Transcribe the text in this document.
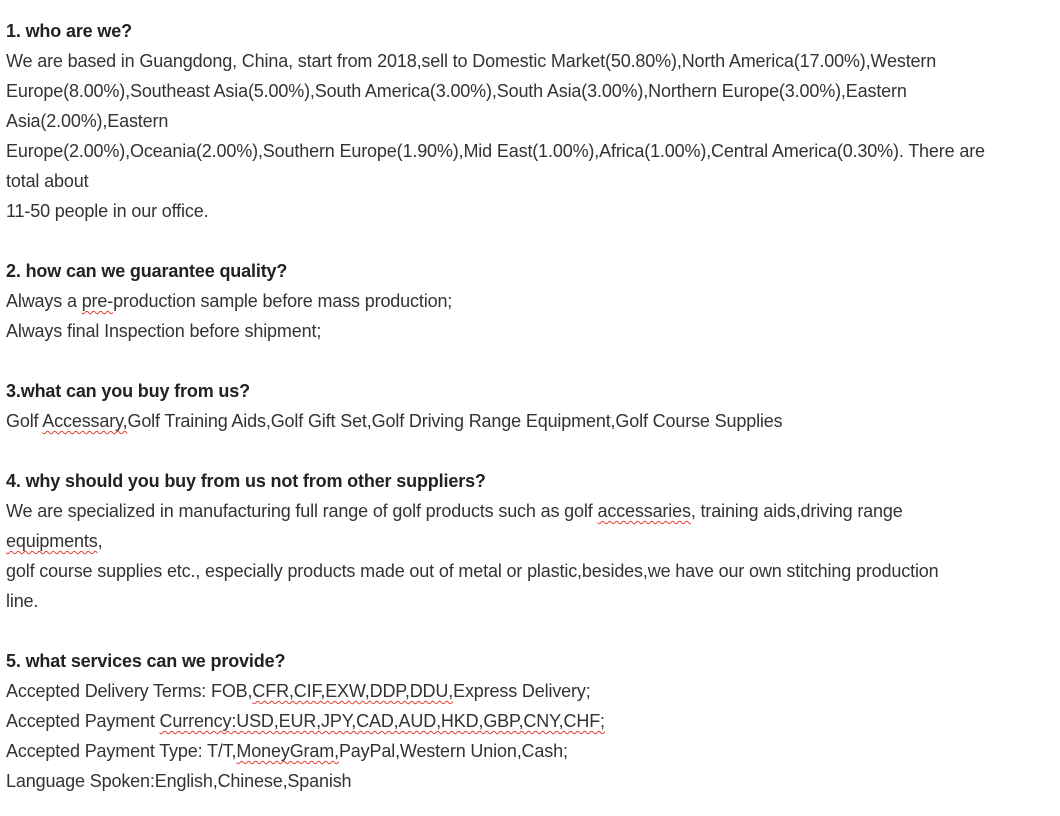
1. who are we?
We are based in Guangdong, China, start from 2018,sell to Domestic Market(50.80%),North America(17.00%),Western
Europe(8.00%),Southeast Asia(5.00%),South America(3.00%),South Asia(3.00%),Northern Europe(3.00%),Eastern
Asia(2.00%),Eastern
Europe(2.00%),Oceania(2.00%),Southern Europe(1.90%),Mid East(1.00%),Africa(1.00%),Central America(0.30%). There are
total about
11-50 people in our office.
2. how can we guarantee quality?
Always a pre-production sample before mass production;
Always final Inspection before shipment;
3.what can you buy from us?
Golf Accessary,Golf Training Aids,Golf Gift Set,Golf Driving Range Equipment,Golf Course Supplies
4. why should you buy from us not from other suppliers?
We are specialized in manufacturing full range of golf products such as golf accessaries, training aids,driving range
equipments,
golf course supplies etc., especially products made out of metal or plastic,besides,we have our own stitching production
line.
5. what services can we provide?
Accepted Delivery Terms: FOB,CFR,CIF,EXW,DDP,DDU,Express Delivery;
Accepted Payment Currency:USD,EUR,JPY,CAD,AUD,HKD,GBP,CNY,CHF;
Accepted Payment Type: T/T,MoneyGram,PayPal,Western Union,Cash;
Language Spoken:English,Chinese,Spanish
